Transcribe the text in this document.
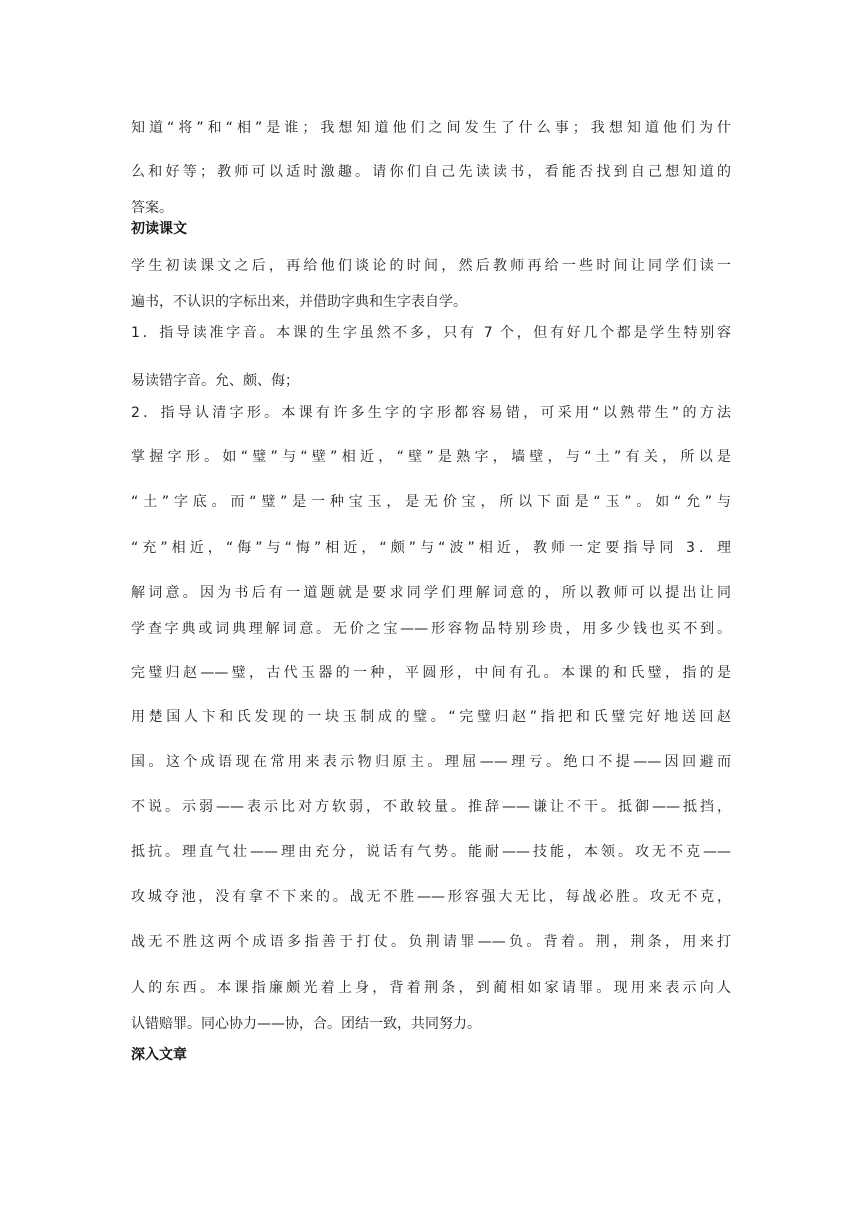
知道“将”和“相”是谁；我想知道他们之间发生了什么事；我想知道他们为什
么和好等；教师可以适时激趣。请你们自己先读读书，看能否找到自己想知道的
答案。
初读课文
学生初读课文之后，再给他们谈论的时间，然后教师再给一些时间让同学们读一
遍书，不认识的字标出来，并借助字典和生字表自学。
1．指导读准字音。本课的生字虽然不多，只有 7 个，但有好几个都是学生特别容
易读错字音。允、颇、侮；
2．指导认清字形。本课有许多生字的字形都容易错，可采用“以熟带生”的方法
掌握字形。如“璧”与“壁”相近，“壁”是熟字，墙壁，与“土”有关，所以是
“土”字底。而“璧”是一种宝玉，是无价宝，所以下面是“玉”。如“允”与
“充”相近，“侮”与“悔”相近，“颇”与“波”相近，教师一定要指导同 3．理
解词意。因为书后有一道题就是要求同学们理解词意的，所以教师可以提出让同
学查字典或词典理解词意。无价之宝——形容物品特别珍贵，用多少钱也买不到。
完璧归赵——璧，古代玉器的一种，平圆形，中间有孔。本课的和氏璧，指的是
用楚国人卞和氏发现的一块玉制成的璧。“完璧归赵”指把和氏璧完好地送回赵
国。这个成语现在常用来表示物归原主。理屈——理亏。绝口不提——因回避而
不说。示弱——表示比对方软弱，不敢较量。推辞——谦让不干。抵御——抵挡，
抵抗。理直气壮——理由充分，说话有气势。能耐——技能，本领。攻无不克——
攻城夺池，没有拿不下来的。战无不胜——形容强大无比，每战必胜。攻无不克，
战无不胜这两个成语多指善于打仗。负荆请罪——负。背着。荆，荆条，用来打
人的东西。本课指廉颇光着上身，背着荆条，到蔺相如家请罪。现用来表示向人
认错赔罪。同心协力——协，合。团结一致，共同努力。
深入文章
